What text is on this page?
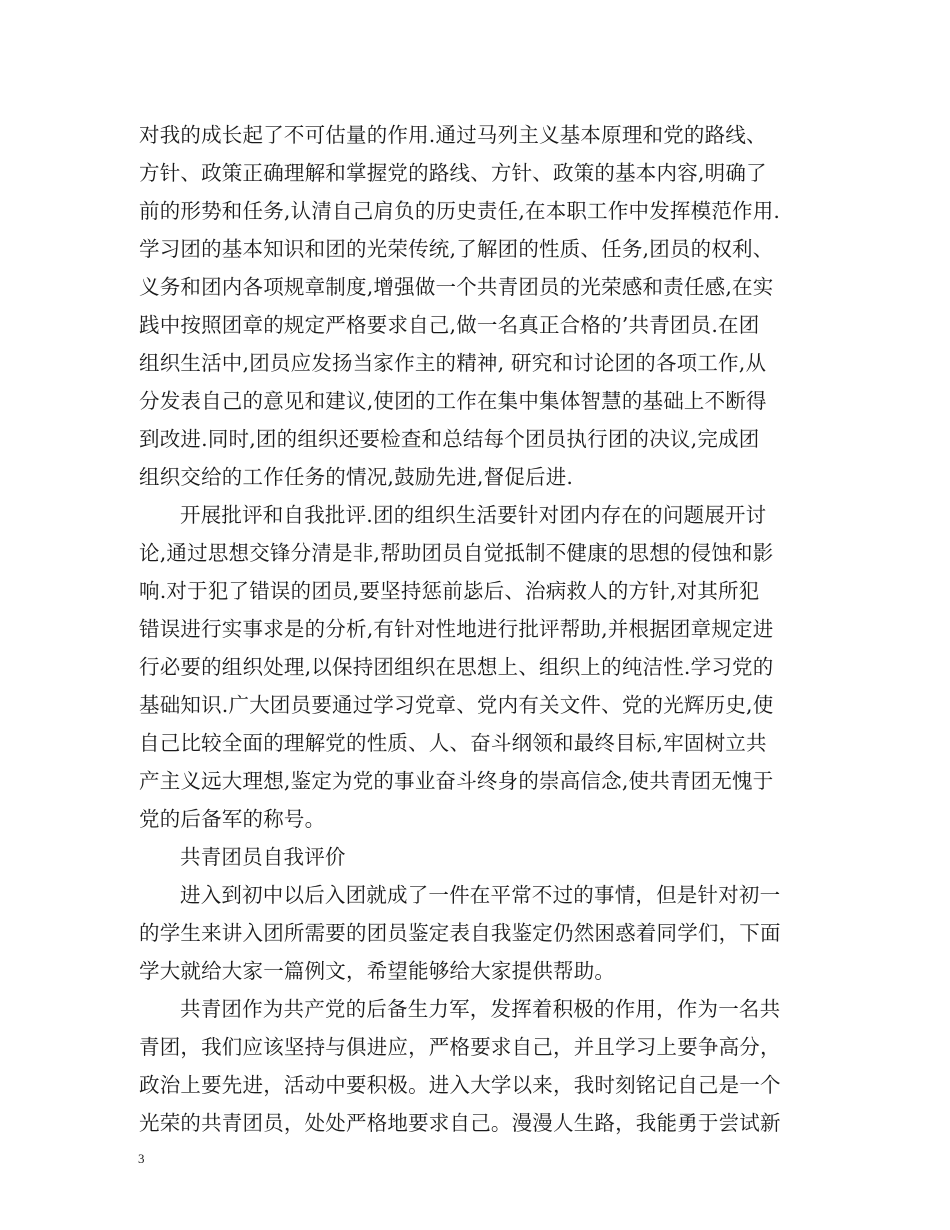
对我的成长起了不可估量的作用.通过马列主义基本原理和党的路线、
方针、政策正确理解和掌握党的路线、方针、政策的基本内容,明确了
前的形势和任务,认清自己肩负的历史责任,在本职工作中发挥模范作用.
学习团的基本知识和团的光荣传统,了解团的性质、任务,团员的权利、
义务和团内各项规章制度,增强做一个共青团员的光荣感和责任感,在实
践中按照团章的规定严格要求自己,做一名真正合格的’共青团员.在团
组织生活中,团员应发扬当家作主的精神, 研究和讨论团的各项工作,从
分发表自己的意见和建议,使团的工作在集中集体智慧的基础上不断得
到改进.同时,团的组织还要检查和总结每个团员执行团的决议,完成团
组织交给的工作任务的情况,鼓励先进,督促后进.
开展批评和自我批评.团的组织生活要针对团内存在的问题展开讨
论,通过思想交锋分清是非,帮助团员自觉抵制不健康的思想的侵蚀和影
响.对于犯了错误的团员,要坚持惩前毖后、治病救人的方针,对其所犯
错误进行实事求是的分析,有针对性地进行批评帮助,并根据团章规定进
行必要的组织处理,以保持团组织在思想上、组织上的纯洁性.学习党的
基础知识.广大团员要通过学习党章、党内有关文件、党的光辉历史,使
自己比较全面的理解党的性质、人、奋斗纲领和最终目标,牢固树立共
产主义远大理想,鉴定为党的事业奋斗终身的崇高信念,使共青团无愧于
党的后备军的称号。
共青团员自我评价
进入到初中以后入团就成了一件在平常不过的事情，但是针对初一
的学生来讲入团所需要的团员鉴定表自我鉴定仍然困惑着同学们，下面
学大就给大家一篇例文，希望能够给大家提供帮助。
共青团作为共产党的后备生力军，发挥着积极的作用，作为一名共
青团，我们应该坚持与俱进应，严格要求自己，并且学习上要争高分，
政治上要先进，活动中要积极。进入大学以来，我时刻铭记自己是一个
光荣的共青团员，处处严格地要求自己。漫漫人生路，我能勇于尝试新
3
